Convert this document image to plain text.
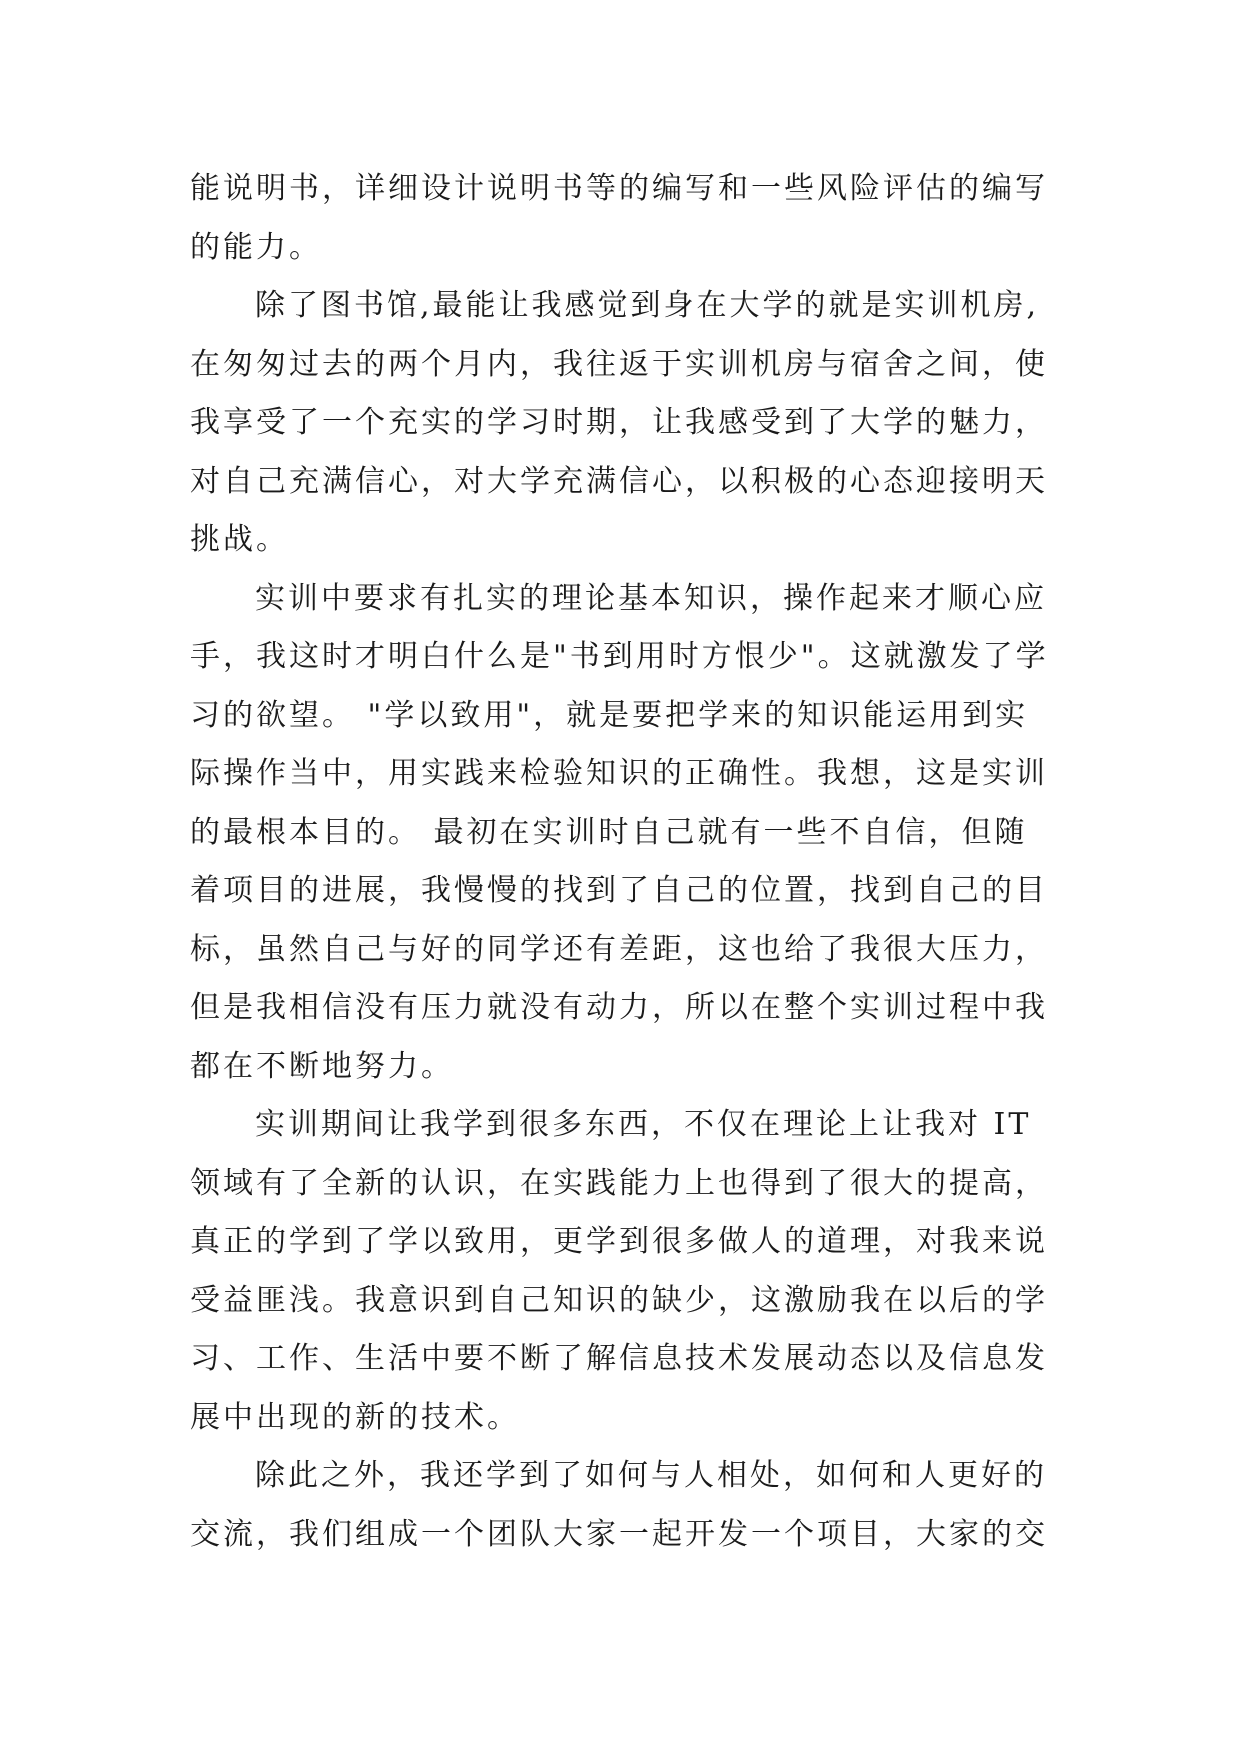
能说明书，详细设计说明书等的编写和一些风险评估的编写
的能力。
除了图书馆,最能让我感觉到身在大学的就是实训机房,
在匆匆过去的两个月内，我往返于实训机房与宿舍之间，使
我享受了一个充实的学习时期，让我感受到了大学的魅力，
对自己充满信心，对大学充满信心，以积极的心态迎接明天
挑战。
实训中要求有扎实的理论基本知识，操作起来才顺心应
手，我这时才明白什么是"书到用时方恨少"。这就激发了学
习的欲望。 "学以致用"，就是要把学来的知识能运用到实
际操作当中，用实践来检验知识的正确性。我想，这是实训
的最根本目的。 最初在实训时自己就有一些不自信，但随
着项目的进展，我慢慢的找到了自己的位置，找到自己的目
标，虽然自己与好的同学还有差距，这也给了我很大压力，
但是我相信没有压力就没有动力，所以在整个实训过程中我
都在不断地努力。
实训期间让我学到很多东西，不仅在理论上让我对 IT
领域有了全新的认识，在实践能力上也得到了很大的提高，
真正的学到了学以致用，更学到很多做人的道理，对我来说
受益匪浅。我意识到自己知识的缺少，这激励我在以后的学
习、工作、生活中要不断了解信息技术发展动态以及信息发
展中出现的新的技术。
除此之外，我还学到了如何与人相处，如何和人更好的
交流，我们组成一个团队大家一起开发一个项目，大家的交
